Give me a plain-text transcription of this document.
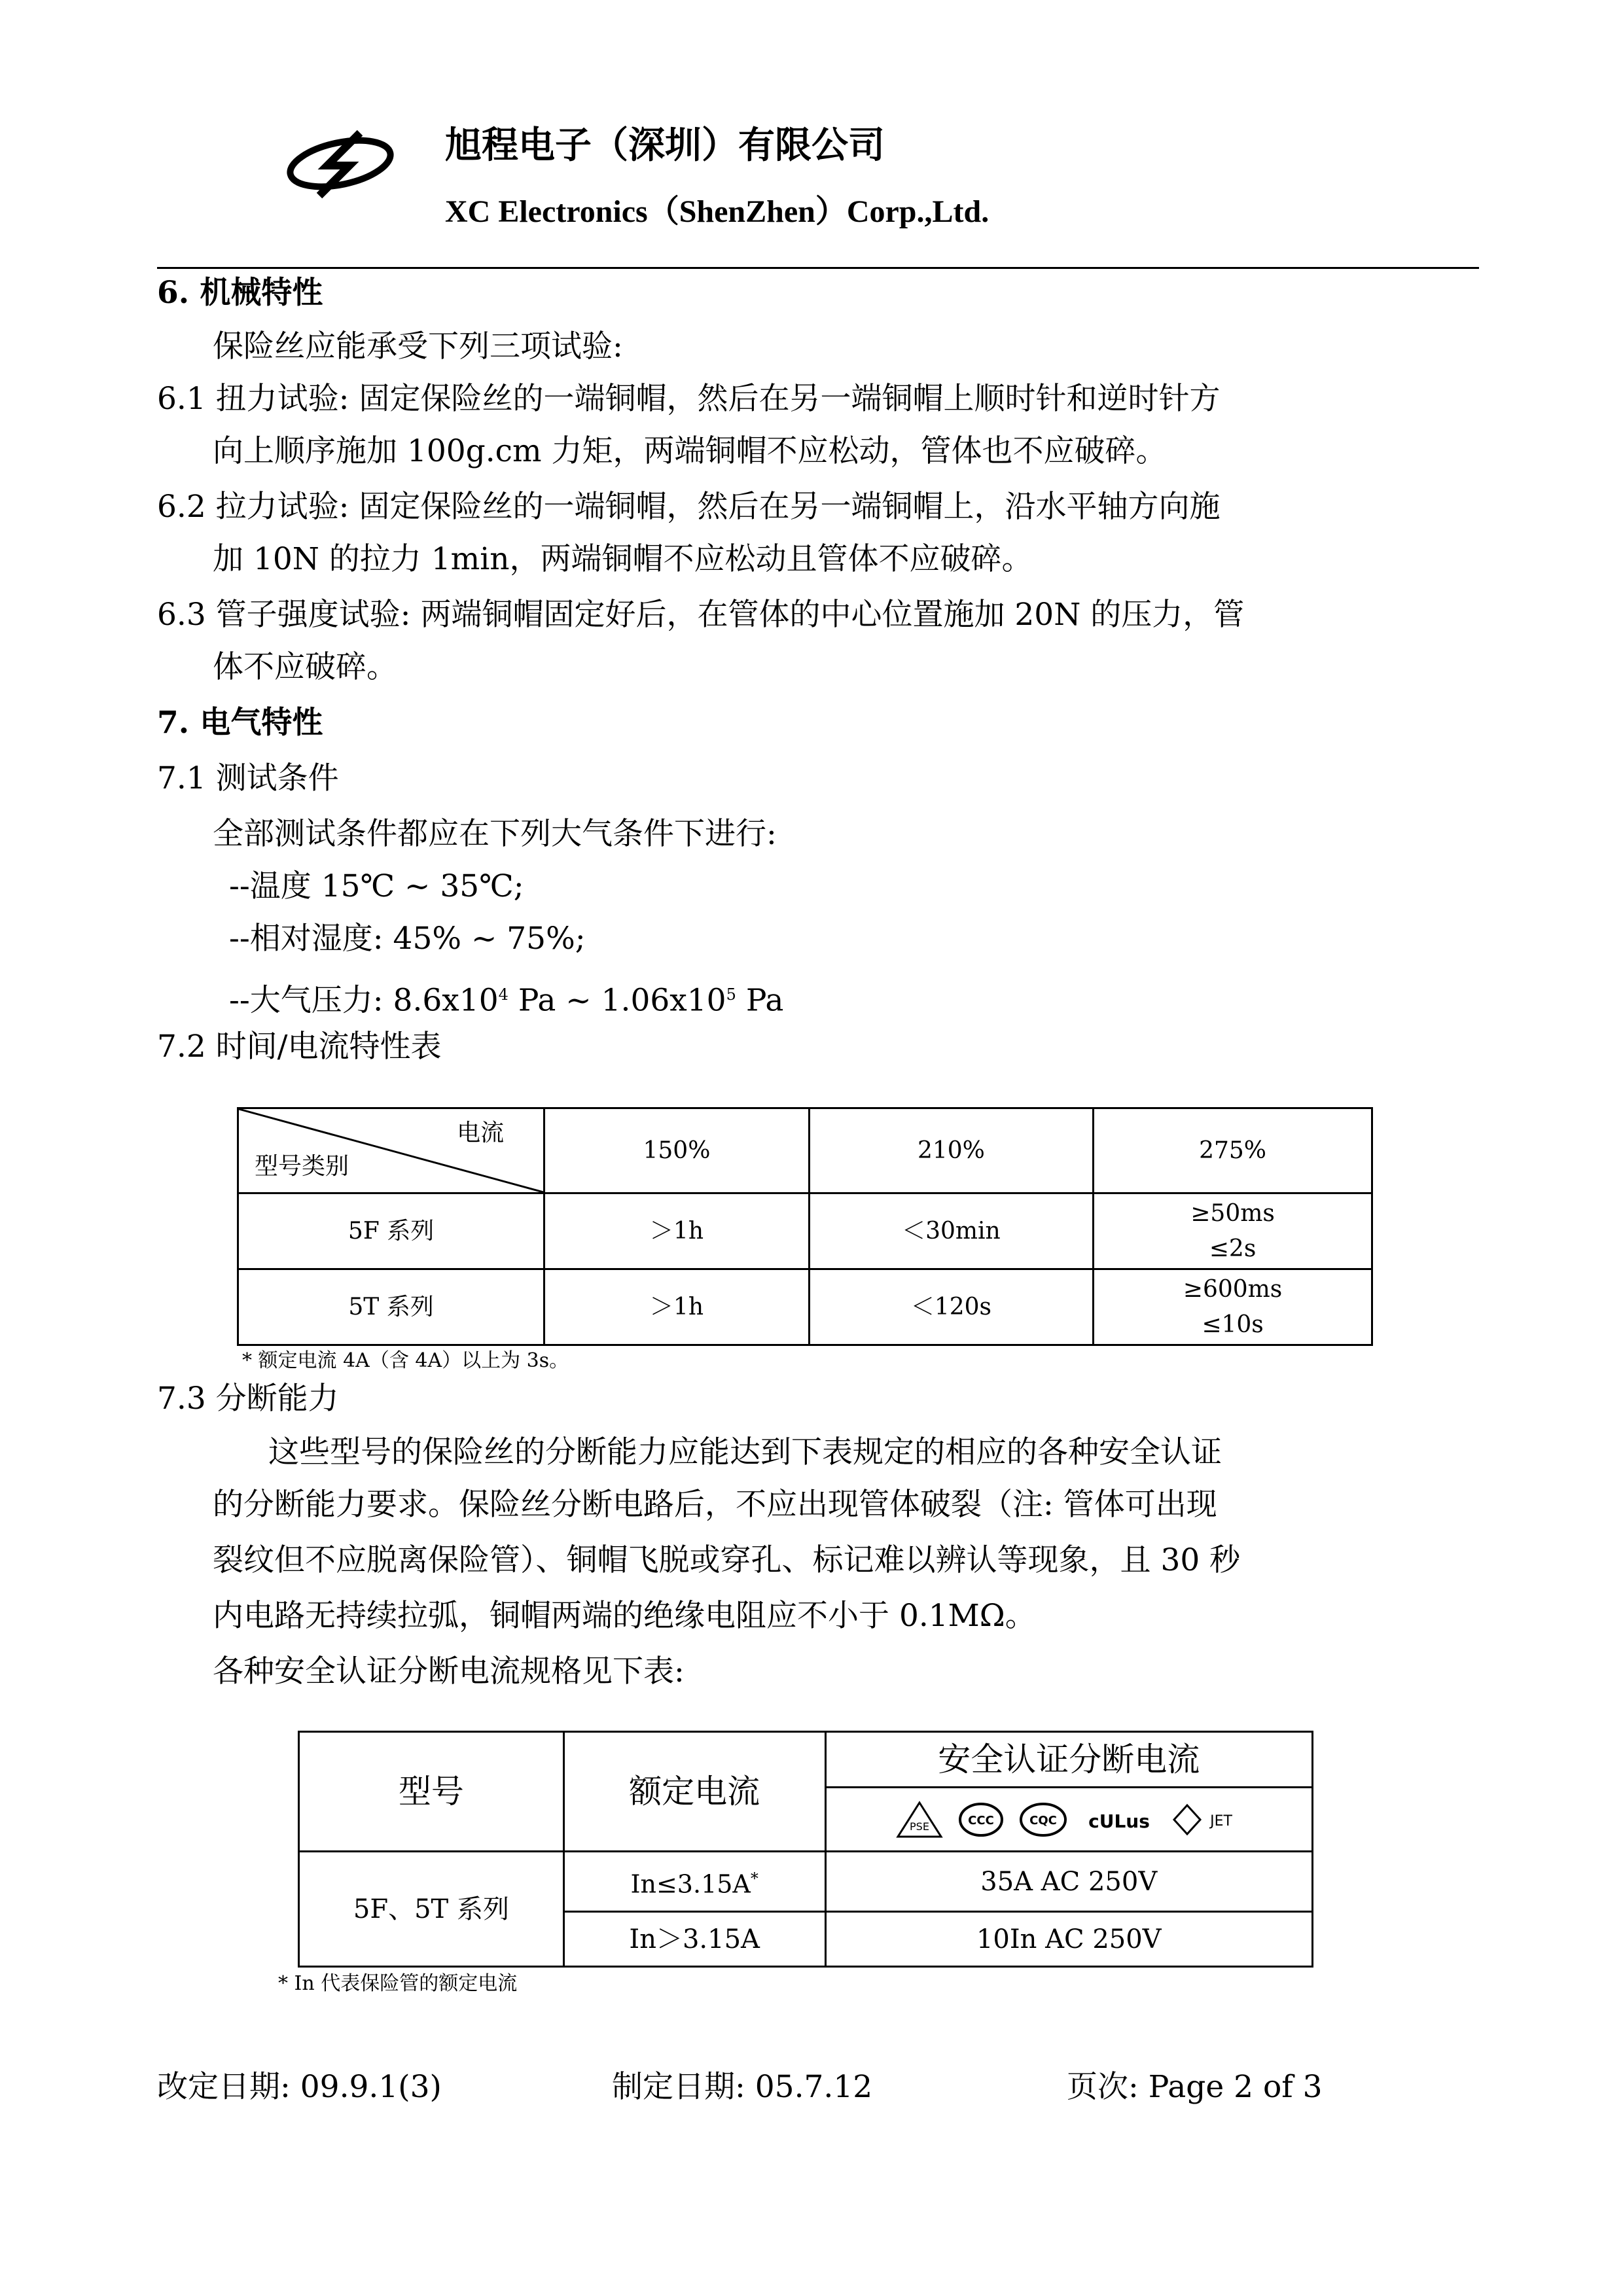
旭程电子（深圳）有限公司
XC Electronics（ShenZhen）Corp.,Ltd.
6. 机械特性
保险丝应能承受下列三项试验:
6.1 扭力试验: 固定保险丝的一端铜帽，然后在另一端铜帽上顺时针和逆时针方
向上顺序施加 100g.cm 力矩，两端铜帽不应松动，管体也不应破碎。
6.2 拉力试验: 固定保险丝的一端铜帽，然后在另一端铜帽上，沿水平轴方向施
加 10N 的拉力 1min，两端铜帽不应松动且管体不应破碎。
6.3 管子强度试验: 两端铜帽固定好后，在管体的中心位置施加 20N 的压力，管
体不应破碎。
7. 电气特性
7.1 测试条件
全部测试条件都应在下列大气条件下进行:
--温度 15℃ ~ 35℃;
--相对湿度: 45% ~ 75%;
--大气压力: $8.6x10^4$ Pa ~ $1.06x10^5$ Pa
7.2 时间/电流特性表
电流
型号类别	150%	210%	275%
5F 系列	＞1h	＜30min	≥50ms
≤2s

5T 系列	＞1h	＜120s	≥600ms
≤10s
* 额定电流 4A（含 4A）以上为 3s。
7.3 分断能力
这些型号的保险丝的分断能力应能达到下表规定的相应的各种安全认证
的分断能力要求。保险丝分断电路后，不应出现管体破裂（注: 管体可出现
裂纹但不应脱离保险管）、铜帽飞脱或穿孔、标记难以辨认等现象，且 30 秒
内电路无持续拉弧，铜帽两端的绝缘电阻应不小于 0.1MΩ。
各种安全认证分断电流规格见下表:
型号	额定电流	安全认证分断电流

PSE CCC CQC cULus JET

5F、5T 系列	In≤3.15A*	35A AC 250V
	In＞3.15A	10In AC 250V
* In 代表保险管的额定电流
改定日期: 09.9.1(3)	制定日期: 05.7.12	页次: Page 2 of 3
